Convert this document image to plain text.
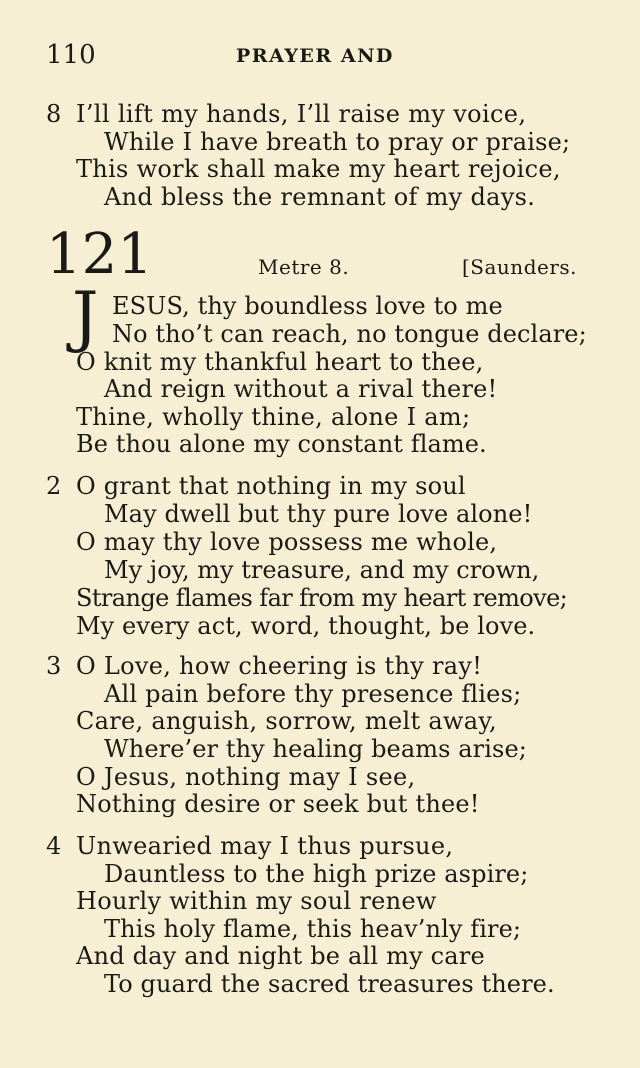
110	PRAYER AND
8 I’ll lift my hands, I’ll raise my voice,
While I have breath to pray or praise;
This work shall make my heart rejoice,
And bless the remnant of my days.
121	Metre 8.	[Saunders.
J ESUS, thy boundless love to me
No tho’t can reach, no tongue declare;
O knit my thankful heart to thee,
And reign without a rival there!
Thine, wholly thine, alone I am;
Be thou alone my constant flame.
2 O grant that nothing in my soul
May dwell but thy pure love alone!
O may thy love possess me whole,
My joy, my treasure, and my crown,
Strange flames far from my heart remove;
My every act, word, thought, be love.
3 O Love, how cheering is thy ray!
All pain before thy presence flies;
Care, anguish, sorrow, melt away,
Where’er thy healing beams arise;
O Jesus, nothing may I see,
Nothing desire or seek but thee!
4 Unwearied may I thus pursue,
Dauntless to the high prize aspire;
Hourly within my soul renew
This holy flame, this heav’nly fire;
And day and night be all my care
To guard the sacred treasures there.
